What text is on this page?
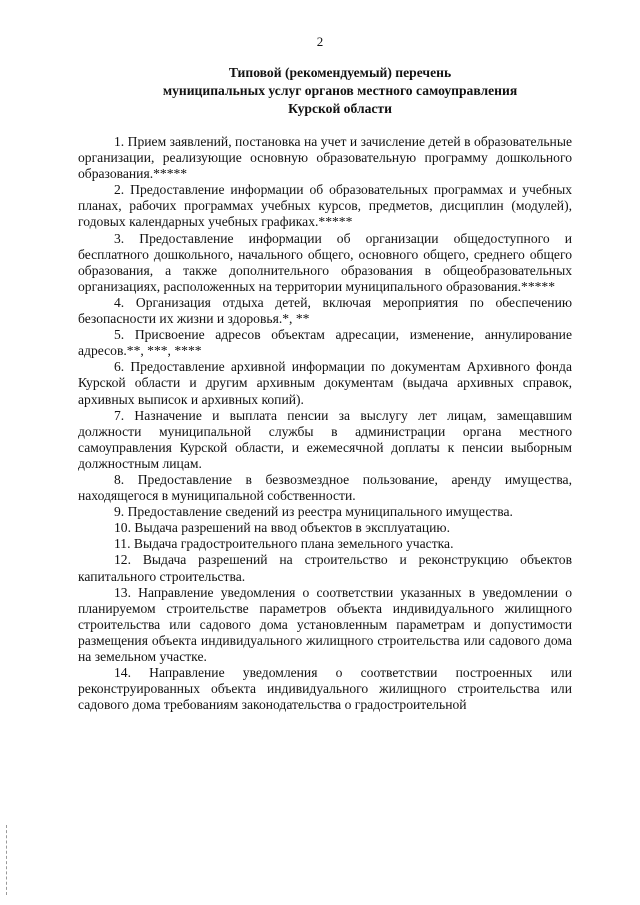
2
Типовой (рекомендуемый) перечень
муниципальных услуг органов местного самоуправления
Курской области

1. Прием заявлений, постановка на учет и зачисление детей в образовательные организации, реализующие основную образовательную программу дошкольного образования.*****

2. Предоставление информации об образовательных программах и учебных планах, рабочих программах учебных курсов, предметов, дисциплин (модулей), годовых календарных учебных графиках.*****

3. Предоставление информации об организации общедоступного и бесплатного дошкольного, начального общего, основного общего, среднего общего образования, а также дополнительного образования в общеобразовательных организациях, расположенных на территории муниципального образования.*****

4. Организация отдыха детей, включая мероприятия по обеспечению безопасности их жизни и здоровья.*, **

5. Присвоение адресов объектам адресации, изменение, аннулирование адресов.**, ***, ****

6. Предоставление архивной информации по документам Архивного фонда Курской области и другим архивным документам (выдача архивных справок, архивных выписок и архивных копий).

7. Назначение и выплата пенсии за выслугу лет лицам, замещавшим должности муниципальной службы в администрации органа местного самоуправления Курской области, и ежемесячной доплаты к пенсии выборным должностным лицам.

8. Предоставление в безвозмездное пользование, аренду имущества, находящегося в муниципальной собственности.

9. Предоставление сведений из реестра муниципального имущества.

10. Выдача разрешений на ввод объектов в эксплуатацию.

11. Выдача градостроительного плана земельного участка.

12. Выдача разрешений на строительство и реконструкцию объектов капитального строительства.

13. Направление уведомления о соответствии указанных в уведомлении о планируемом строительстве параметров объекта индивидуального жилищного строительства или садового дома установленным параметрам и допустимости размещения объекта индивидуального жилищного строительства или садового дома на земельном участке.

14. Направление уведомления о соответствии построенных или реконструированных объекта индивидуального жилищного строительства или садового дома требованиям законодательства о градостроительной
